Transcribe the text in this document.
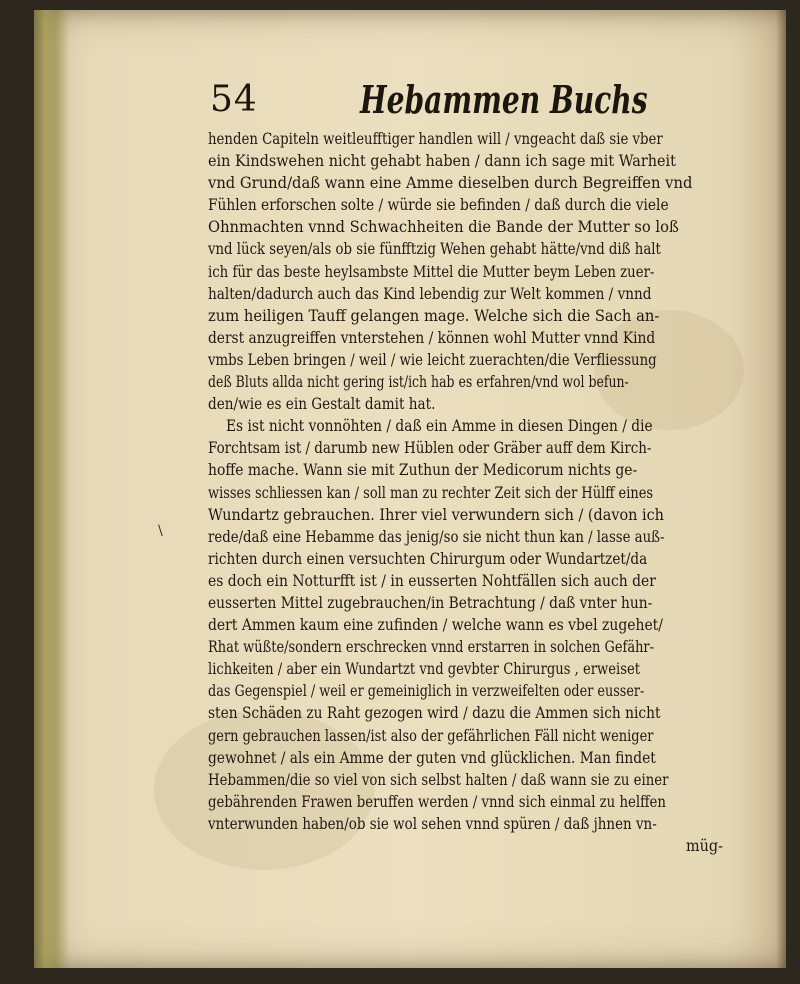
54	Hebammen Buchs
\
henden Capiteln weitleufftiger handlen will / vngeacht daß sie vber
ein Kindswehen nicht gehabt haben / dann ich sage mit Warheit
vnd Grund/daß wann eine Amme dieselben durch Begreiffen vnd
Fühlen erforschen solte / würde sie befinden / daß durch die viele
Ohnmachten vnnd Schwachheiten die Bande der Mutter so loß
vnd lück seyen/als ob sie fünfftzig Wehen gehabt hätte/vnd diß halt
ich für das beste heylsambste Mittel die Mutter beym Leben zuer-
halten/dadurch auch das Kind lebendig zur Welt kommen / vnnd
zum heiligen Tauff gelangen mage. Welche sich die Sach an-
derst anzugreiffen vnterstehen / können wohl Mutter vnnd Kind
vmbs Leben bringen / weil / wie leicht zuerachten/die Verfliessung
deß Bluts allda nicht gering ist/ich hab es erfahren/vnd wol befun-
den/wie es ein Gestalt damit hat.
Es ist nicht vonnöhten / daß ein Amme in diesen Dingen / die
Forchtsam ist / darumb new Hüblen oder Gräber auff dem Kirch-
hoffe mache. Wann sie mit Zuthun der Medicorum nichts ge-
wisses schliessen kan / soll man zu rechter Zeit sich der Hülff eines
Wundartz gebrauchen. Ihrer viel verwundern sich / (davon ich
rede/daß eine Hebamme das jenig/so sie nicht thun kan / lasse auß-
richten durch einen versuchten Chirurgum oder Wundartzet/da
es doch ein Notturfft ist / in eusserten Nohtfällen sich auch der
eusserten Mittel zugebrauchen/in Betrachtung / daß vnter hun-
dert Ammen kaum eine zufinden / welche wann es vbel zugehet/
Rhat wüßte/sondern erschrecken vnnd erstarren in solchen Gefähr-
lichkeiten / aber ein Wundartzt vnd gevbter Chirurgus , erweiset
das Gegenspiel / weil er gemeiniglich in verzweifelten oder eusser-
sten Schäden zu Raht gezogen wird / dazu die Ammen sich nicht
gern gebrauchen lassen/ist also der gefährlichen Fäll nicht weniger
gewohnet / als ein Amme der guten vnd glücklichen. Man findet
Hebammen/die so viel von sich selbst halten / daß wann sie zu einer
gebährenden Frawen beruffen werden / vnnd sich einmal zu helffen
vnterwunden haben/ob sie wol sehen vnnd spüren / daß jhnen vn-
müg-
